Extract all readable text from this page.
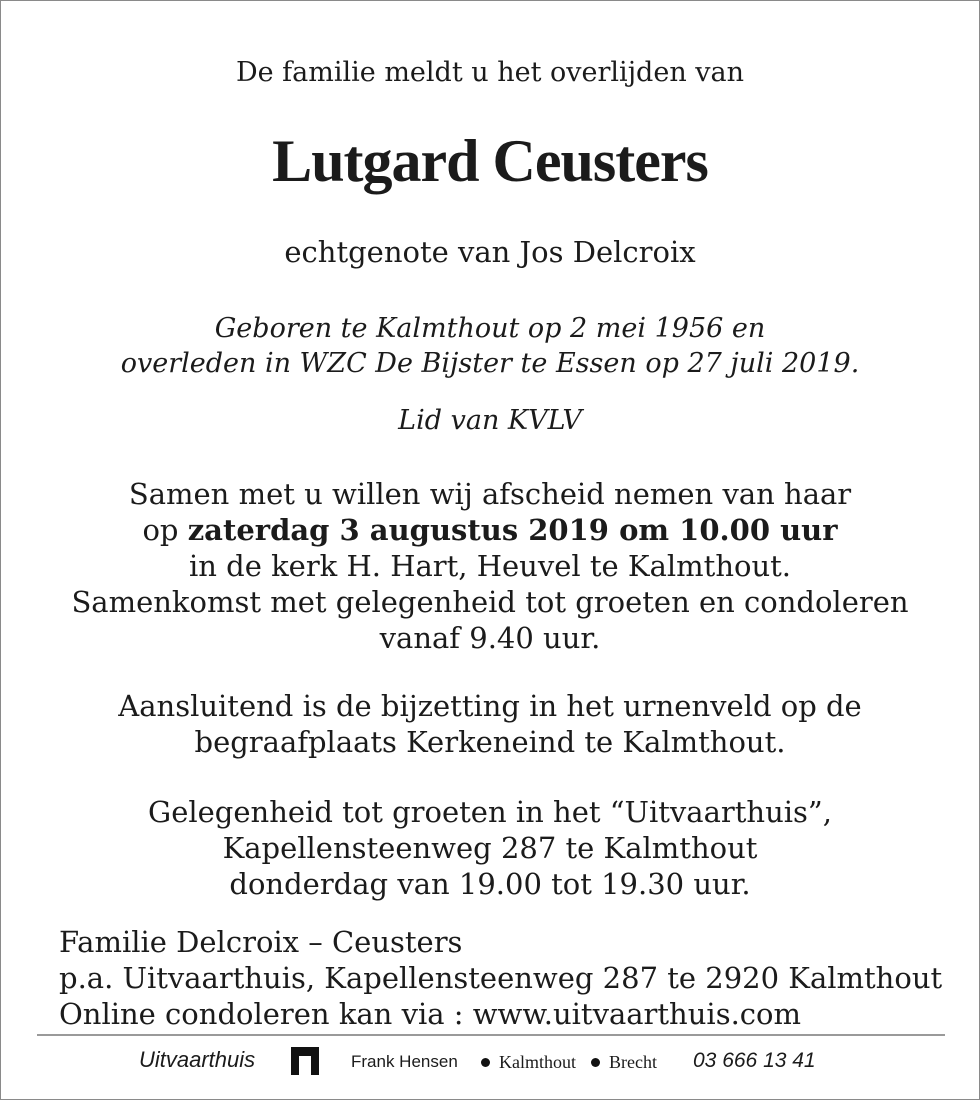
De familie meldt u het overlijden van
Lutgard Ceusters
echtgenote van Jos Delcroix
Geboren te Kalmthout op 2 mei 1956 en
overleden in WZC De Bijster te Essen op 27 juli 2019.
Lid van KVLV
Samen met u willen wij afscheid nemen van haar
op zaterdag 3 augustus 2019 om 10.00 uur
in de kerk H. Hart, Heuvel te Kalmthout.
Samenkomst met gelegenheid tot groeten en condoleren
vanaf 9.40 uur.
Aansluitend is de bijzetting in het urnenveld op de
begraafplaats Kerkeneind te Kalmthout.
Gelegenheid tot groeten in het “Uitvaarthuis”,
Kapellensteenweg 287 te Kalmthout
donderdag van 19.00 tot 19.30 uur.
Familie Delcroix – Ceusters
p.a. Uitvaarthuis, Kapellensteenweg 287 te 2920 Kalmthout
Online condoleren kan via : www.uitvaarthuis.com
Uitvaarthuis	Frank Hensen Kalmthout Brecht 03 666 13 41
